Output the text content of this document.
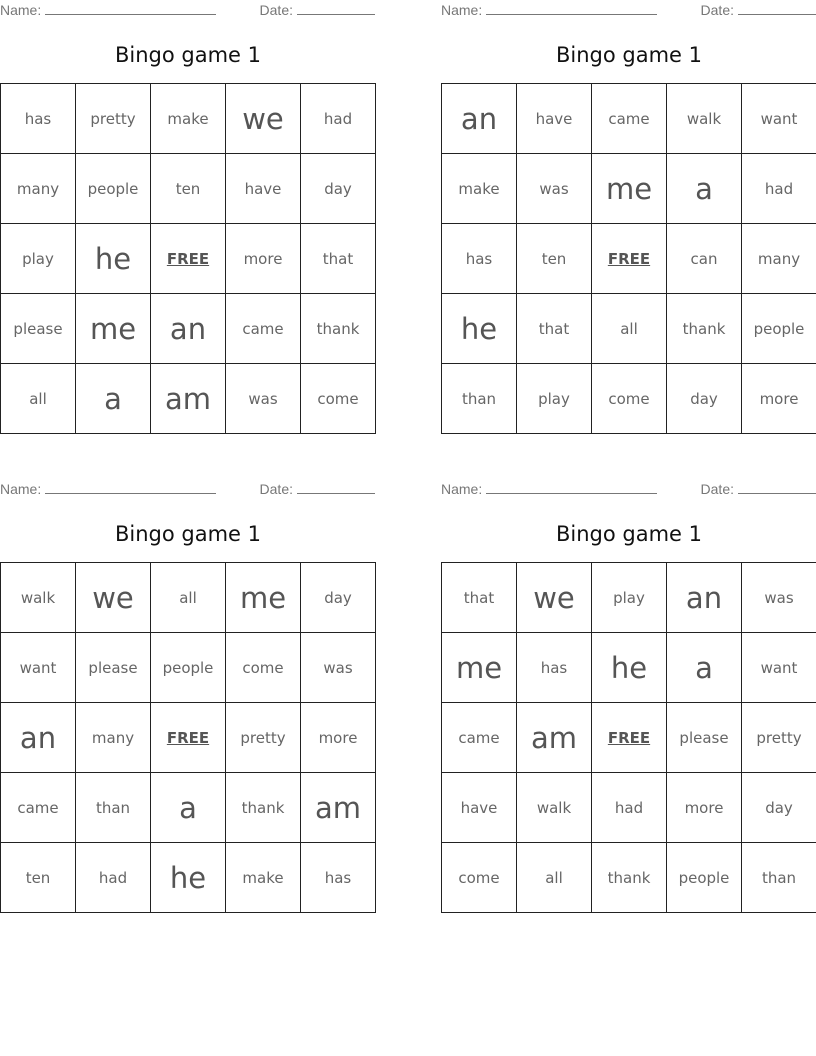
Name:	Date:
Bingo game 1
has	pretty	make	we	had
many	people	ten	have	day
play	he	FREE	more	that
please	me	an	came	thank
all	a	am	was	come
Name:	Date:
Bingo game 1
an	have	came	walk	want
make	was	me	a	had
has	ten	FREE	can	many
he	that	all	thank	people
than	play	come	day	more
Name:	Date:
Bingo game 1
walk	we	all	me	day
want	please	people	come	was
an	many	FREE	pretty	more
came	than	a	thank	am
ten	had	he	make	has
Name:	Date:
Bingo game 1
that	we	play	an	was
me	has	he	a	want
came	am	FREE	please	pretty
have	walk	had	more	day
come	all	thank	people	than
